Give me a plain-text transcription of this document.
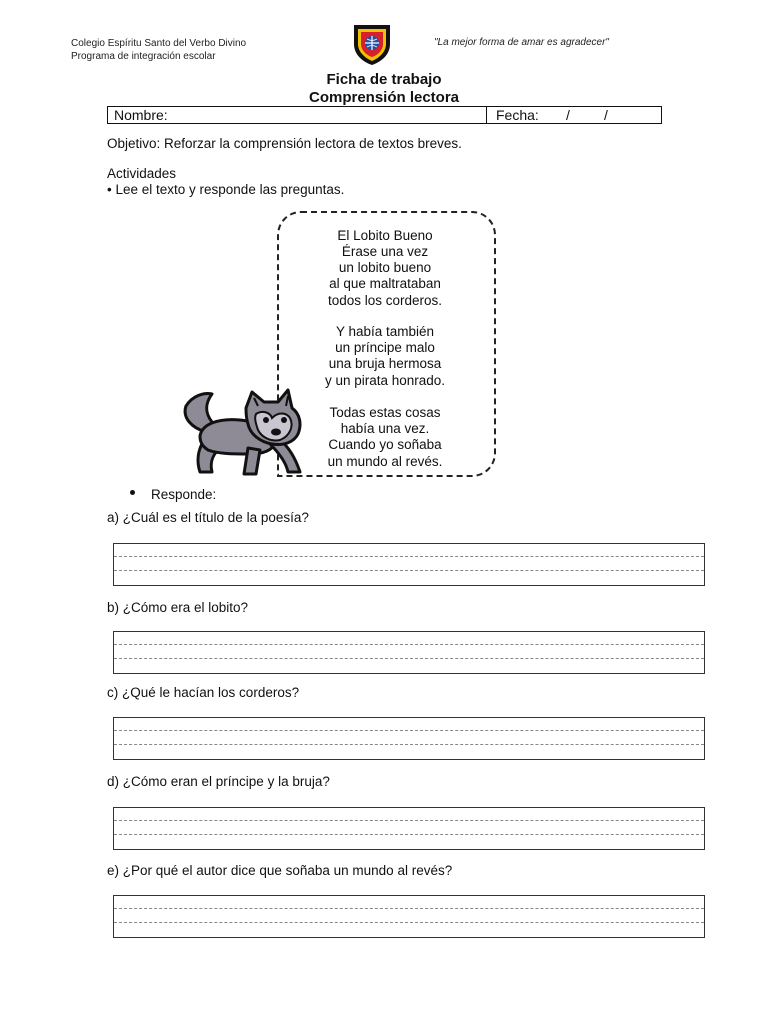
Colegio Espíritu Santo del Verbo Divino
Programa de integración escolar
"La mejor forma de amar es agradecer"
Ficha de trabajo
Comprensión lectora
Nombre:	Fecha: / /
Objetivo: Reforzar la comprensión lectora de textos breves.
Actividades
• Lee el texto y responde las preguntas.
El Lobito Bueno
Érase una vez
un lobito bueno
al que maltrataban
todos los corderos.
Y había también
un príncipe malo
una bruja hermosa
y un pirata honrado.
Todas estas cosas
había una vez.
Cuando yo soñaba
un mundo al revés.
Responde:
a) ¿Cuál es el título de la poesía?
b) ¿Cómo era el lobito?
c) ¿Qué le hacían los corderos?
d) ¿Cómo eran el príncipe y la bruja?
e) ¿Por qué el autor dice que soñaba un mundo al revés?
